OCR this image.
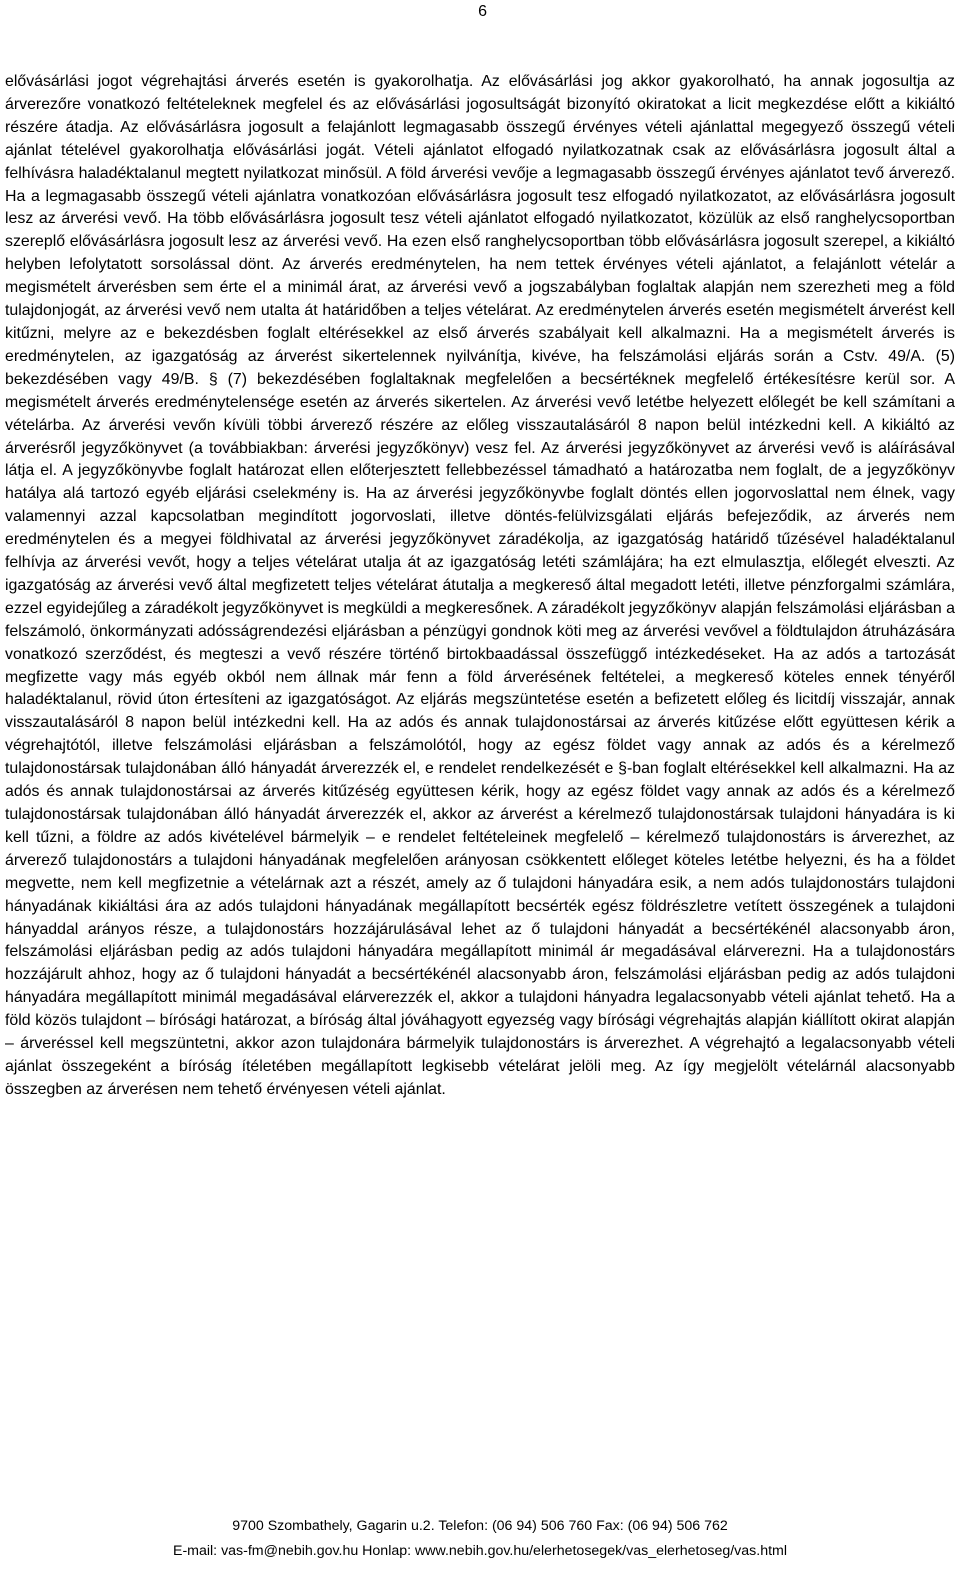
6

elővásárlási jogot végrehajtási árverés esetén is gyakorolhatja. Az elővásárlási jog akkor gyakorolható, ha annak jogosultja az árverezőre vonatkozó feltételeknek megfelel és az elővásárlási jogosultságát bizonyító okiratokat a licit megkezdése előtt a kikiáltó részére átadja. Az elővásárlásra jogosult a felajánlott legmagasabb összegű érvényes vételi ajánlattal megegyező összegű vételi ajánlat tételével gyakorolhatja elővásárlási jogát. Vételi ajánlatot elfogadó nyilatkozatnak csak az elővásárlásra jogosult által a felhívásra haladéktalanul megtett nyilatkozat minősül. A föld árverési vevője a legmagasabb összegű érvényes ajánlatot tevő árverező. Ha a legmagasabb összegű vételi ajánlatra vonatkozóan elővásárlásra jogosult tesz elfogadó nyilatkozatot, az elővásárlásra jogosult lesz az árverési vevő. Ha több elővásárlásra jogosult tesz vételi ajánlatot elfogadó nyilatkozatot, közülük az első ranghelycsoportban szereplő elővásárlásra jogosult lesz az árverési vevő. Ha ezen első ranghelycsoportban több elővásárlásra jogosult szerepel, a kikiáltó helyben lefolytatott sorsolással dönt. Az árverés eredménytelen, ha nem tettek érvényes vételi ajánlatot, a felajánlott vételár a megismételt árverésben sem érte el a minimál árat, az árverési vevő a jogszabályban foglaltak alapján nem szerezheti meg a föld tulajdonjogát, az árverési vevő nem utalta át határidőben a teljes vételárat. Az eredménytelen árverés esetén megismételt árverést kell kitűzni, melyre az e bekezdésben foglalt eltérésekkel az első árverés szabályait kell alkalmazni. Ha a megismételt árverés is eredménytelen, az igazgatóság az árverést sikertelennek nyilvánítja, kivéve, ha felszámolási eljárás során a Cstv. 49/A. (5) bekezdésében vagy 49/B. § (7) bekezdésében foglaltaknak megfelelően a becsértéknek megfelelő értékesítésre kerül sor. A megismételt árverés eredménytelensége esetén az árverés sikertelen. Az árverési vevő letétbe helyezett előlegét be kell számítani a vételárba. Az árverési vevőn kívüli többi árverező részére az előleg visszautalásáról 8 napon belül intézkedni kell. A kikiáltó az árverésről jegyzőkönyvet (a továbbiakban: árverési jegyzőkönyv) vesz fel. Az árverési jegyzőkönyvet az árverési vevő is aláírásával látja el. A jegyzőkönyvbe foglalt határozat ellen előterjesztett fellebbezéssel támadható a határozatba nem foglalt, de a jegyzőkönyv hatálya alá tartozó egyéb eljárási cselekmény is. Ha az árverési jegyzőkönyvbe foglalt döntés ellen jogorvoslattal nem élnek, vagy valamennyi azzal kapcsolatban megindított jogorvoslati, illetve döntés-felülvizsgálati eljárás befejeződik, az árverés nem eredménytelen és a megyei földhivatal az árverési jegyzőkönyvet záradékolja, az igazgatóság határidő tűzésével haladéktalanul felhívja az árverési vevőt, hogy a teljes vételárat utalja át az igazgatóság letéti számlájára; ha ezt elmulasztja, előlegét elveszti. Az igazgatóság az árverési vevő által megfizetett teljes vételárat átutalja a megkereső által megadott letéti, illetve pénzforgalmi számlára, ezzel egyidejűleg a záradékolt jegyzőkönyvet is megküldi a megkeresőnek. A záradékolt jegyzőkönyv alapján felszámolási eljárásban a felszámoló, önkormányzati adósságrendezési eljárásban a pénzügyi gondnok köti meg az árverési vevővel a földtulajdon átruházására vonatkozó szerződést, és megteszi a vevő részére történő birtokbaadással összefüggő intézkedéseket. Ha az adós a tartozását megfizette vagy más egyéb okból nem állnak már fenn a föld árverésének feltételei, a megkereső köteles ennek tényéről haladéktalanul, rövid úton értesíteni az igazgatóságot. Az eljárás megszüntetése esetén a befizetett előleg és licitdíj visszajár, annak visszautalásáról 8 napon belül intézkedni kell. Ha az adós és annak tulajdonostársai az árverés kitűzése előtt együttesen kérik a végrehajtótól, illetve felszámolási eljárásban a felszámolótól, hogy az egész földet vagy annak az adós és a kérelmező tulajdonostársak tulajdonában álló hányadát árverezzék el, e rendelet rendelkezését e §-ban foglalt eltérésekkel kell alkalmazni. Ha az adós és annak tulajdonostársai az árverés kitűzéség együttesen kérik, hogy az egész földet vagy annak az adós és a kérelmező tulajdonostársak tulajdonában álló hányadát árverezzék el, akkor az árverést a kérelmező tulajdonostársak tulajdoni hányadára is ki kell tűzni, a földre az adós kivételével bármelyik – e rendelet feltételeinek megfelelő – kérelmező tulajdonostárs is árverezhet, az árverező tulajdonostárs a tulajdoni hányadának megfelelően arányosan csökkentett előleget köteles letétbe helyezni, és ha a földet megvette, nem kell megfizetnie a vételárnak azt a részét, amely az ő tulajdoni hányadára esik, a nem adós tulajdonostárs tulajdoni hányadának kikiáltási ára az adós tulajdoni hányadának megállapított becsérték egész földrészletre vetített összegének a tulajdoni hányaddal arányos része, a tulajdonostárs hozzájárulásával lehet az ő tulajdoni hányadát a becsértékénél alacsonyabb áron, felszámolási eljárásban pedig az adós tulajdoni hányadára megállapított minimál ár megadásával elárverezni. Ha a tulajdonostárs hozzájárult ahhoz, hogy az ő tulajdoni hányadát a becsértékénél alacsonyabb áron, felszámolási eljárásban pedig az adós tulajdoni hányadára megállapított minimál megadásával elárverezzék el, akkor a tulajdoni hányadra legalacsonyabb vételi ajánlat tehető. Ha a föld közös tulajdont – bírósági határozat, a bíróság által jóváhagyott egyezség vagy bírósági végrehajtás alapján kiállított okirat alapján – árveréssel kell megszüntetni, akkor azon tulajdonára bármelyik tulajdonostárs is árverezhet. A végrehajtó a legalacsonyabb vételi ajánlat összegeként a bíróság ítéletében megállapított legkisebb vételárat jelöli meg. Az így megjelölt vételárnál alacsonyabb összegben az árverésen nem tehető érvényesen vételi ajánlat.

9700 Szombathely, Gagarin u.2. Telefon: (06 94) 506 760 Fax: (06 94) 506 762
E-mail: vas-fm@nebih.gov.hu Honlap: www.nebih.gov.hu/elerhetosegek/vas_elerhetoseg/vas.html
